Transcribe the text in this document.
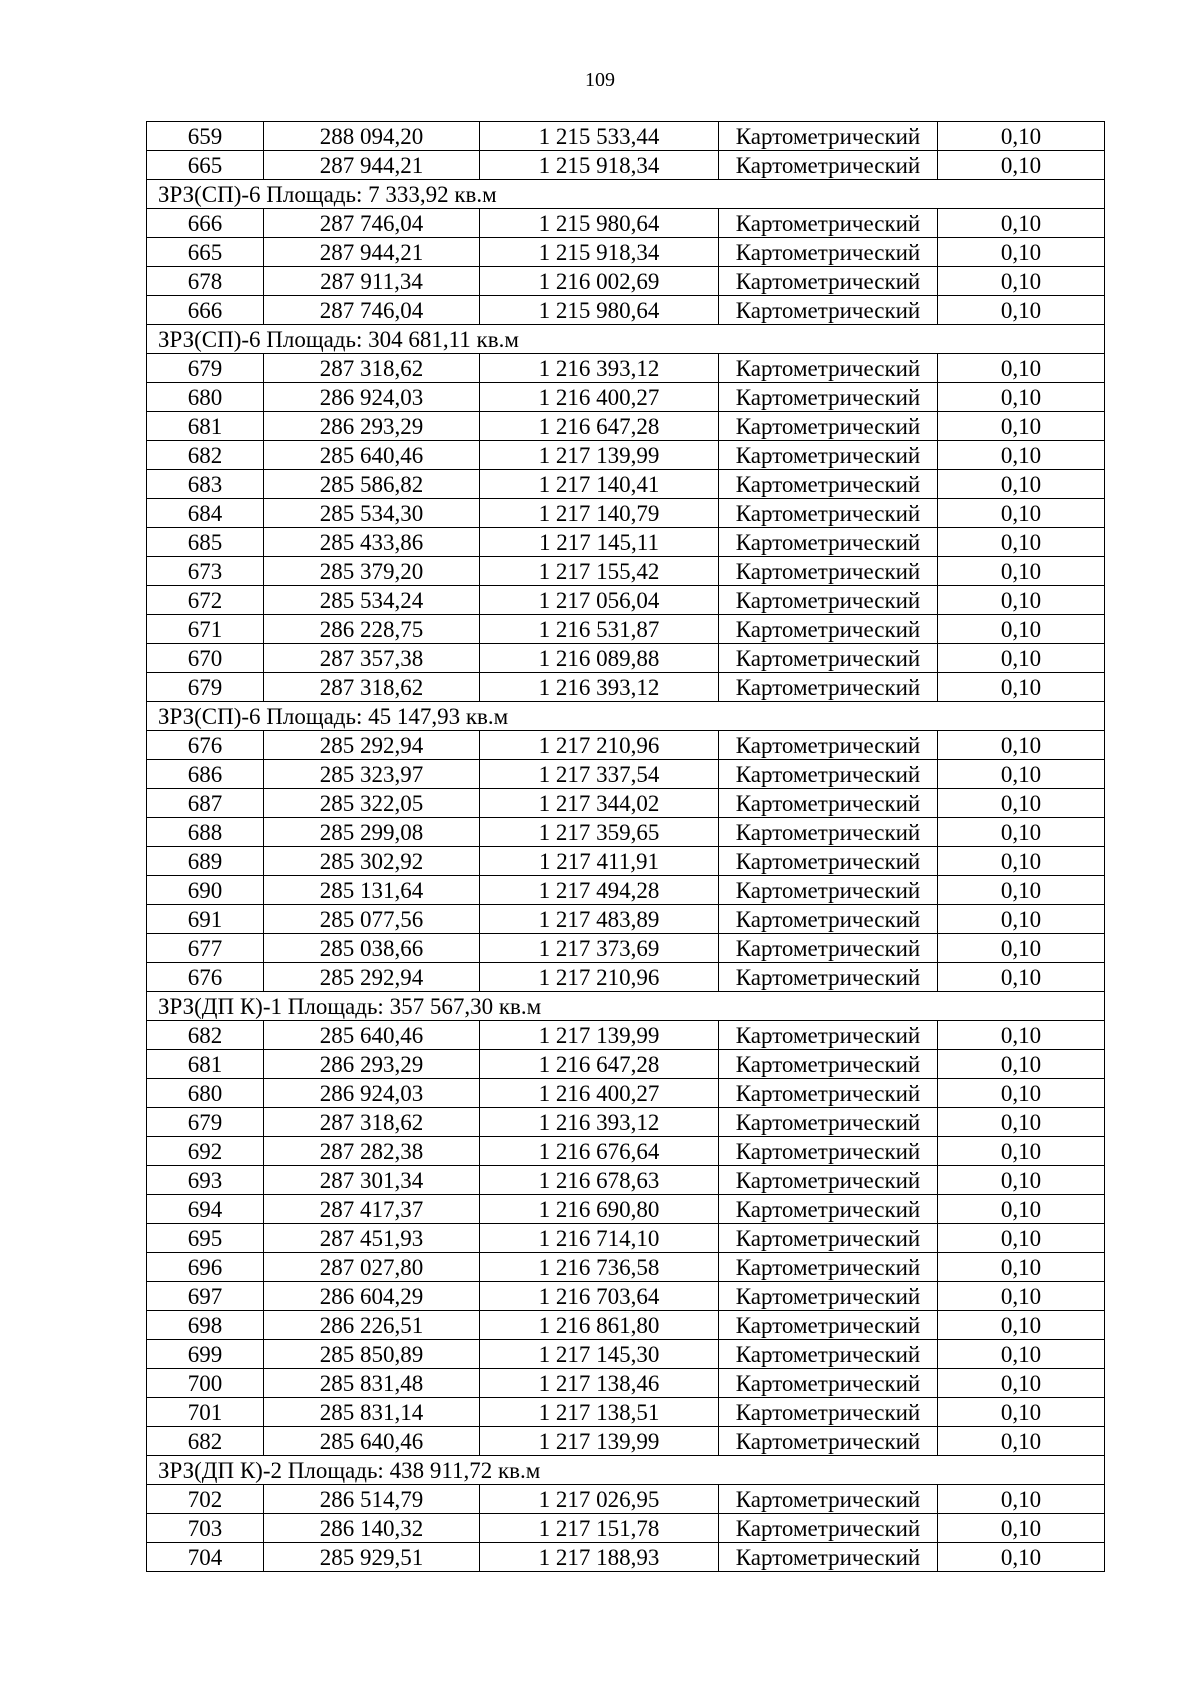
109
659	288 094,20	1 215 533,44	Картометрический	0,10
665	287 944,21	1 215 918,34	Картометрический	0,10
ЗРЗ(СП)-6 Площадь: 7 333,92 кв.м				
666	287 746,04	1 215 980,64	Картометрический	0,10
665	287 944,21	1 215 918,34	Картометрический	0,10
678	287 911,34	1 216 002,69	Картометрический	0,10
666	287 746,04	1 215 980,64	Картометрический	0,10
ЗРЗ(СП)-6 Площадь: 304 681,11 кв.м				
679	287 318,62	1 216 393,12	Картометрический	0,10
680	286 924,03	1 216 400,27	Картометрический	0,10
681	286 293,29	1 216 647,28	Картометрический	0,10
682	285 640,46	1 217 139,99	Картометрический	0,10
683	285 586,82	1 217 140,41	Картометрический	0,10
684	285 534,30	1 217 140,79	Картометрический	0,10
685	285 433,86	1 217 145,11	Картометрический	0,10
673	285 379,20	1 217 155,42	Картометрический	0,10
672	285 534,24	1 217 056,04	Картометрический	0,10
671	286 228,75	1 216 531,87	Картометрический	0,10
670	287 357,38	1 216 089,88	Картометрический	0,10
679	287 318,62	1 216 393,12	Картометрический	0,10
ЗРЗ(СП)-6 Площадь: 45 147,93 кв.м				
676	285 292,94	1 217 210,96	Картометрический	0,10
686	285 323,97	1 217 337,54	Картометрический	0,10
687	285 322,05	1 217 344,02	Картометрический	0,10
688	285 299,08	1 217 359,65	Картометрический	0,10
689	285 302,92	1 217 411,91	Картометрический	0,10
690	285 131,64	1 217 494,28	Картометрический	0,10
691	285 077,56	1 217 483,89	Картометрический	0,10
677	285 038,66	1 217 373,69	Картометрический	0,10
676	285 292,94	1 217 210,96	Картометрический	0,10
ЗРЗ(ДП К)-1 Площадь: 357 567,30 кв.м				
682	285 640,46	1 217 139,99	Картометрический	0,10
681	286 293,29	1 216 647,28	Картометрический	0,10
680	286 924,03	1 216 400,27	Картометрический	0,10
679	287 318,62	1 216 393,12	Картометрический	0,10
692	287 282,38	1 216 676,64	Картометрический	0,10
693	287 301,34	1 216 678,63	Картометрический	0,10
694	287 417,37	1 216 690,80	Картометрический	0,10
695	287 451,93	1 216 714,10	Картометрический	0,10
696	287 027,80	1 216 736,58	Картометрический	0,10
697	286 604,29	1 216 703,64	Картометрический	0,10
698	286 226,51	1 216 861,80	Картометрический	0,10
699	285 850,89	1 217 145,30	Картометрический	0,10
700	285 831,48	1 217 138,46	Картометрический	0,10
701	285 831,14	1 217 138,51	Картометрический	0,10
682	285 640,46	1 217 139,99	Картометрический	0,10
ЗРЗ(ДП К)-2 Площадь: 438 911,72 кв.м				
702	286 514,79	1 217 026,95	Картометрический	0,10
703	286 140,32	1 217 151,78	Картометрический	0,10
704	285 929,51	1 217 188,93	Картометрический	0,10
